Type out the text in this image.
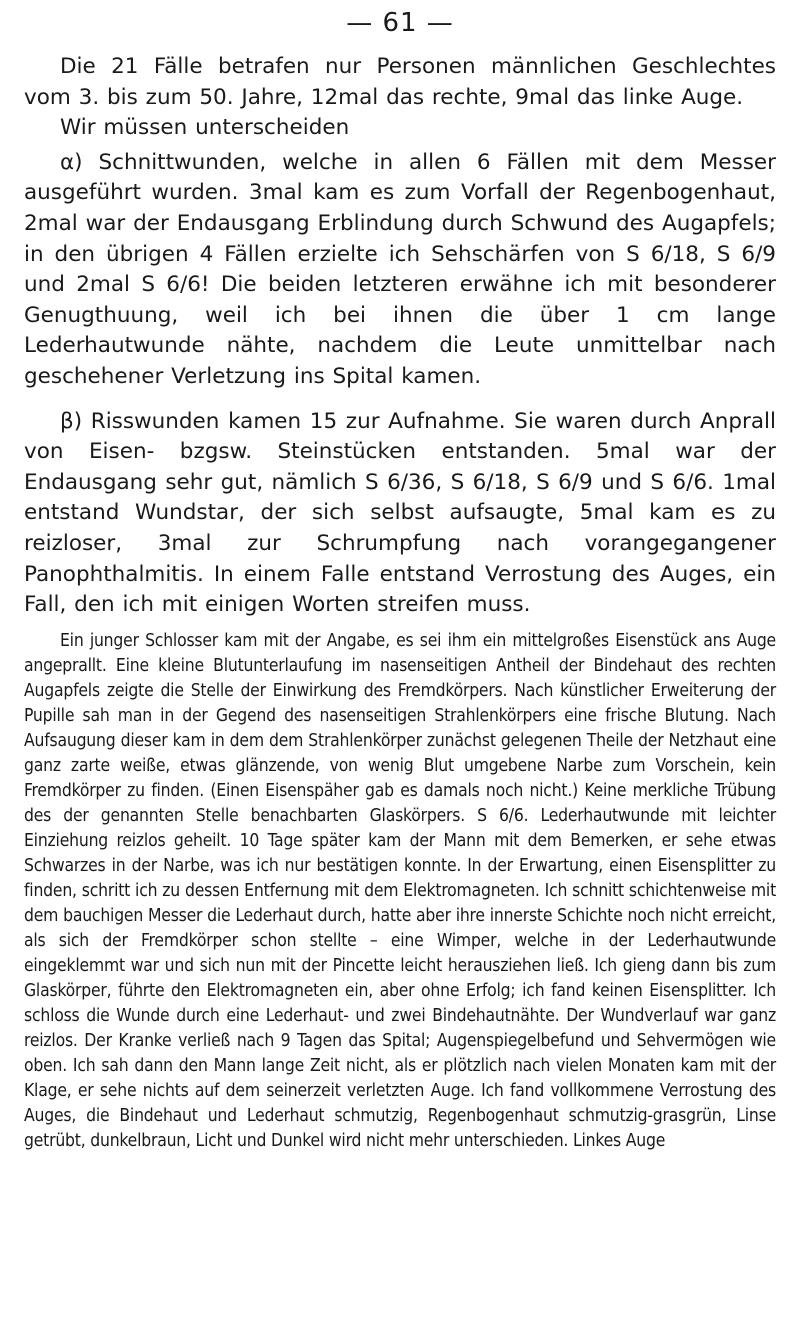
— 61 —

Die 21 Fälle betrafen nur Personen männlichen Geschlechtes vom 3. bis zum 50. Jahre, 12mal das rechte, 9mal das linke Auge.

Wir müssen unterscheiden

α) Schnittwunden, welche in allen 6 Fällen mit dem Messer ausgeführt wurden. 3mal kam es zum Vorfall der Regenbogenhaut, 2mal war der Endausgang Erblindung durch Schwund des Augapfels; in den übrigen 4 Fällen erzielte ich Sehschärfen von S 6/18, S 6/9 und 2mal S 6/6! Die beiden letzteren erwähne ich mit besonderer Genugthuung, weil ich bei ihnen die über 1 cm lange Lederhautwunde nähte, nachdem die Leute unmittelbar nach geschehener Verletzung ins Spital kamen.

β) Risswunden kamen 15 zur Aufnahme. Sie waren durch Anprall von Eisen- bzgsw. Steinstücken entstanden. 5mal war der Endausgang sehr gut, nämlich S 6/36, S 6/18, S 6/9 und S 6/6. 1mal entstand Wundstar, der sich selbst aufsaugte, 5mal kam es zu reizloser, 3mal zur Schrumpfung nach vorangegangener Panophthalmitis. In einem Falle entstand Verrostung des Auges, ein Fall, den ich mit einigen Worten streifen muss.

Ein junger Schlosser kam mit der Angabe, es sei ihm ein mittelgroßes Eisenstück ans Auge angeprallt. Eine kleine Blutunterlaufung im nasenseitigen Antheil der Bindehaut des rechten Augapfels zeigte die Stelle der Einwirkung des Fremdkörpers. Nach künstlicher Erweiterung der Pupille sah man in der Gegend des nasenseitigen Strahlenkörpers eine frische Blutung. Nach Aufsaugung dieser kam in dem dem Strahlenkörper zunächst gelegenen Theile der Netzhaut eine ganz zarte weiße, etwas glänzende, von wenig Blut umgebene Narbe zum Vorschein, kein Fremdkörper zu finden. (Einen Eisenspäher gab es damals noch nicht.) Keine merkliche Trübung des der genannten Stelle benachbarten Glaskörpers. S 6/6. Lederhautwunde mit leichter Einziehung reizlos geheilt. 10 Tage später kam der Mann mit dem Bemerken, er sehe etwas Schwarzes in der Narbe, was ich nur bestätigen konnte. In der Erwartung, einen Eisensplitter zu finden, schritt ich zu dessen Entfernung mit dem Elektromagneten. Ich schnitt schichtenweise mit dem bauchigen Messer die Lederhaut durch, hatte aber ihre innerste Schichte noch nicht erreicht, als sich der Fremdkörper schon stellte – eine Wimper, welche in der Lederhautwunde eingeklemmt war und sich nun mit der Pincette leicht herausziehen ließ. Ich gieng dann bis zum Glaskörper, führte den Elektromagneten ein, aber ohne Erfolg; ich fand keinen Eisensplitter. Ich schloss die Wunde durch eine Lederhaut- und zwei Bindehautnähte. Der Wundverlauf war ganz reizlos. Der Kranke verließ nach 9 Tagen das Spital; Augenspiegelbefund und Sehvermögen wie oben. Ich sah dann den Mann lange Zeit nicht, als er plötzlich nach vielen Monaten kam mit der Klage, er sehe nichts auf dem seinerzeit verletzten Auge. Ich fand vollkommene Verrostung des Auges, die Bindehaut und Lederhaut schmutzig, Regenbogenhaut schmutzig-grasgrün, Linse getrübt, dunkelbraun, Licht und Dunkel wird nicht mehr unterschieden. Linkes Auge
